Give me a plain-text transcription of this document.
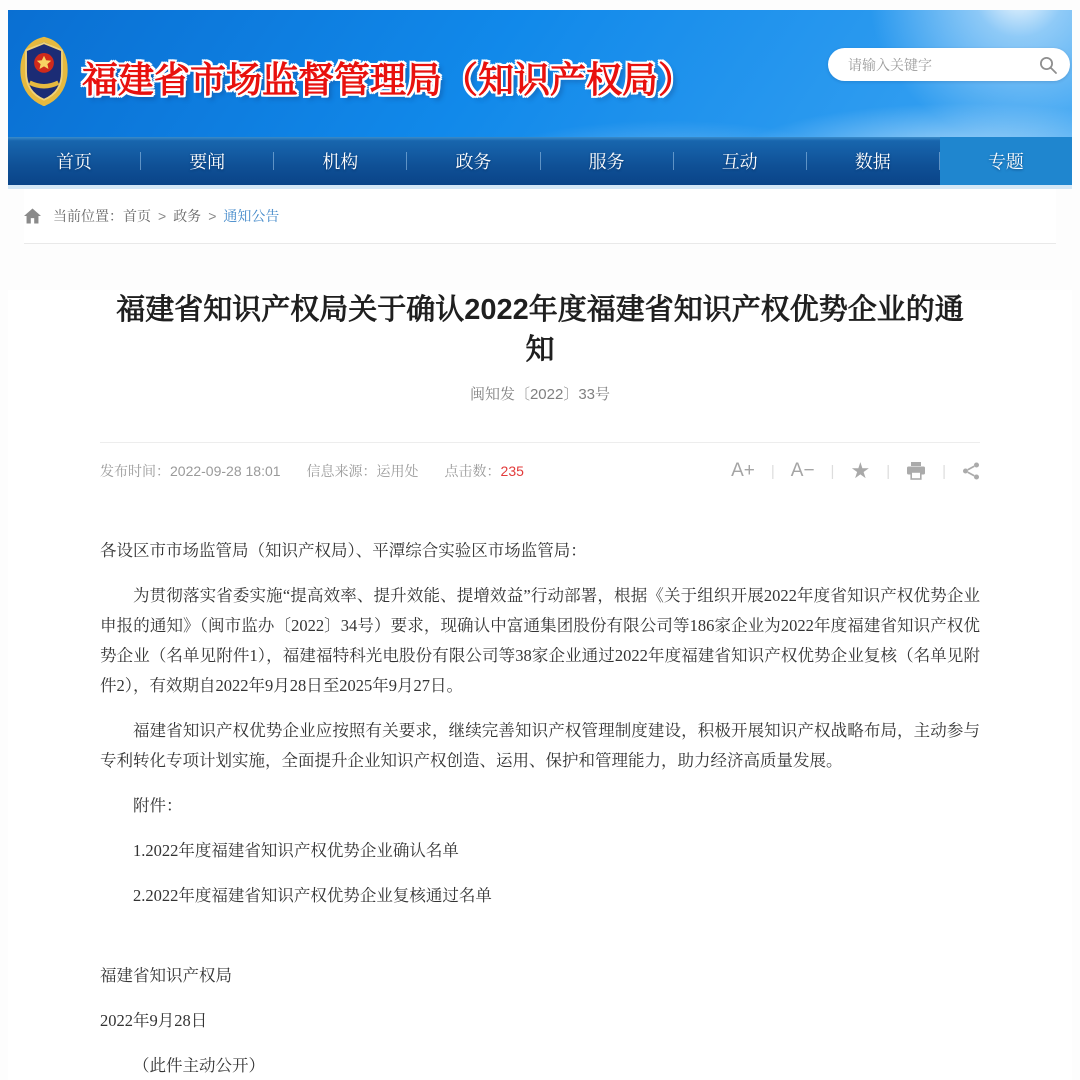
福建省市场监督管理局（知识产权局）
请输入关键字
首页	要闻	机构	政务	服务	互动	数据	专题
当前位置： 首页 > 政务 > 通知公告
福建省知识产权局关于确认2022年度福建省知识产权优势企业的通知
闽知发〔2022〕33号
发布时间：2022-09-28 18:01 信息来源：运用处 点击数：235	A+ | A− | ★ |	|

各设区市市场监管局（知识产权局）、平潭综合实验区市场监管局：

为贯彻落实省委实施“提高效率、提升效能、提增效益”行动部署，根据《关于组织开展2022年度省知识产权优势企业申报的通知》（闽市监办〔2022〕34号）要求，现确认中富通集团股份有限公司等186家企业为2022年度福建省知识产权优势企业（名单见附件1），福建福特科光电股份有限公司等38家企业通过2022年度福建省知识产权优势企业复核（名单见附件2），有效期自2022年9月28日至2025年9月27日。

福建省知识产权优势企业应按照有关要求，继续完善知识产权管理制度建设，积极开展知识产权战略布局，主动参与专利转化专项计划实施，全面提升企业知识产权创造、运用、保护和管理能力，助力经济高质量发展。

附件：

1.2022年度福建省知识产权优势企业确认名单

2.2022年度福建省知识产权优势企业复核通过名单

福建省知识产权局

2022年9月28日

（此件主动公开）
